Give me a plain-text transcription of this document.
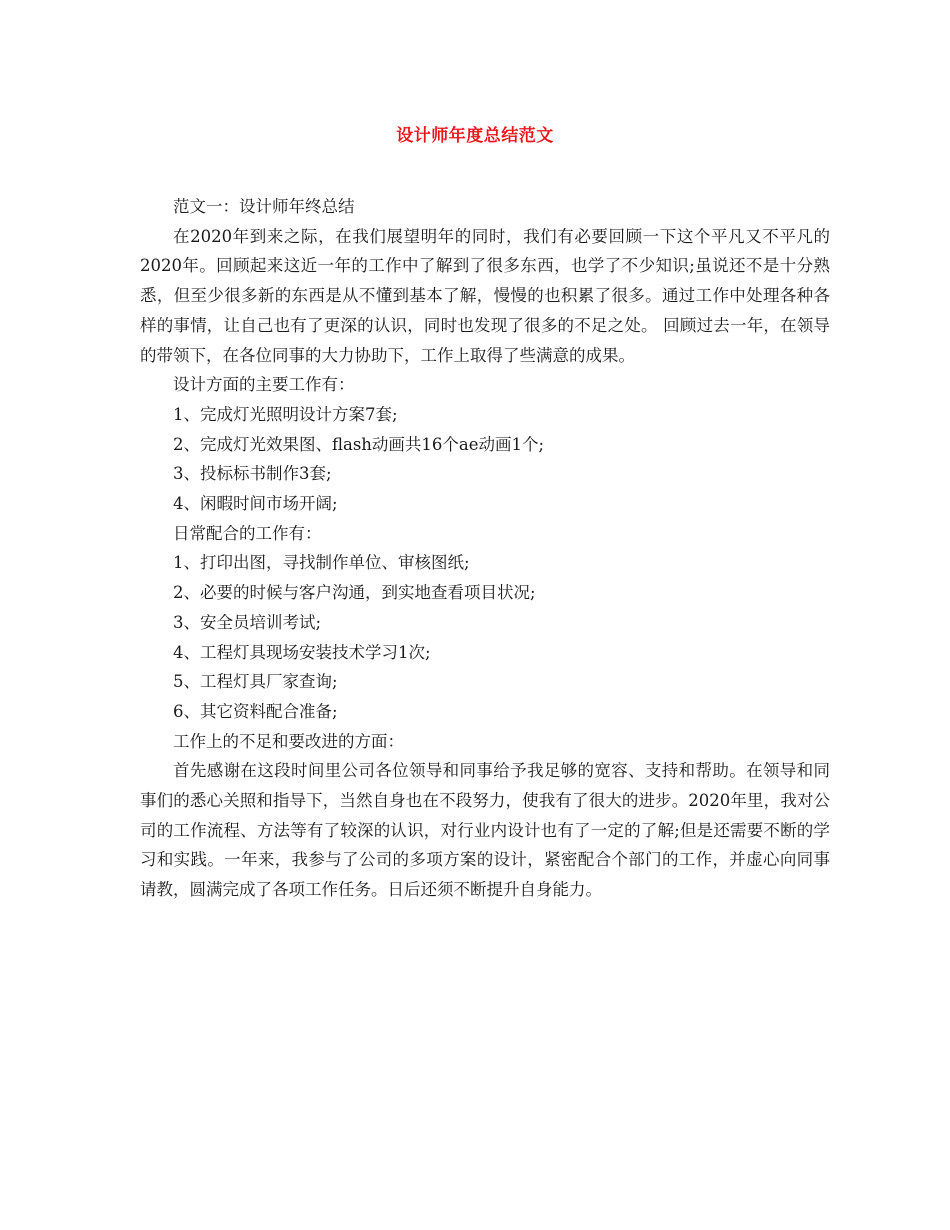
设计师年度总结范文

范文一：设计师年终总结

在2020年到来之际，在我们展望明年的同时，我们有必要回顾一下这个平凡又不平凡的2020年。回顾起来这近一年的工作中了解到了很多东西，也学了不少知识;虽说还不是十分熟悉，但至少很多新的东西是从不懂到基本了解，慢慢的也积累了很多。通过工作中处理各种各样的事情，让自己也有了更深的认识，同时也发现了很多的不足之处。 回顾过去一年，在领导的带领下，在各位同事的大力协助下，工作上取得了些满意的成果。

设计方面的主要工作有：

1、完成灯光照明设计方案7套;

2、完成灯光效果图、flash动画共16个ae动画1个;

3、投标标书制作3套;

4、闲暇时间市场开阔;

日常配合的工作有：

1、打印出图，寻找制作单位、审核图纸;

2、必要的时候与客户沟通，到实地查看项目状况;

3、安全员培训考试;

4、工程灯具现场安装技术学习1次;

5、工程灯具厂家查询;

6、其它资料配合准备;

工作上的不足和要改进的方面：

首先感谢在这段时间里公司各位领导和同事给予我足够的宽容、支持和帮助。在领导和同事们的悉心关照和指导下，当然自身也在不段努力，使我有了很大的进步。2020年里，我对公司的工作流程、方法等有了较深的认识，对行业内设计也有了一定的了解;但是还需要不断的学习和实践。一年来，我参与了公司的多项方案的设计，紧密配合个部门的工作，并虚心向同事请教，圆满完成了各项工作任务。日后还须不断提升自身能力。
